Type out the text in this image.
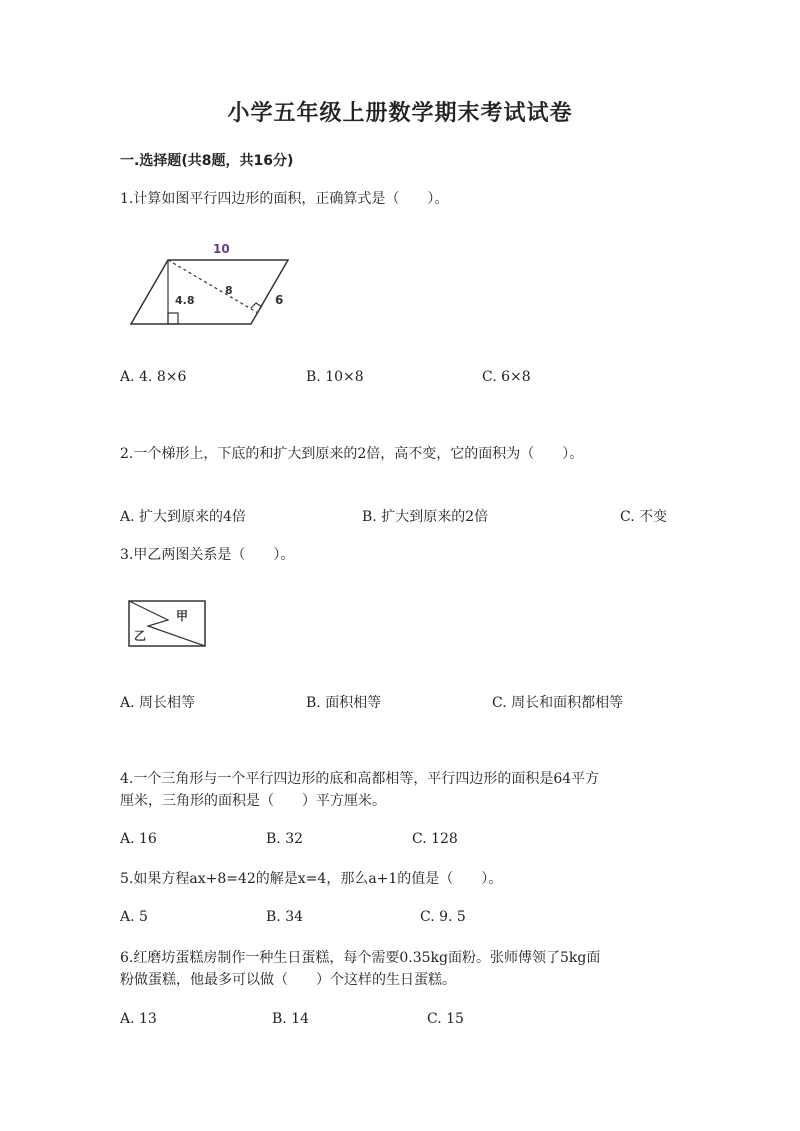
小学五年级上册数学期末考试试卷
一.选择题(共8题，共16分)
1.计算如图平行四边形的面积，正确算式是（　　）。
10
4.8
8
6
A. 4. 8×6	B. 10×8	C. 6×8
2.一个梯形上，下底的和扩大到原来的2倍，高不变，它的面积为（　　）。
A. 扩大到原来的4倍	B. 扩大到原来的2倍	C. 不变
3.甲乙两图关系是（　　）。
甲
乙
A. 周长相等	B. 面积相等	C. 周长和面积都相等
4.一个三角形与一个平行四边形的底和高都相等，平行四边形的面积是64平方
厘米，三角形的面积是（　　）平方厘米。
A. 16	B. 32	C. 128
5.如果方程ax+8=42的解是x=4，那么a+1的值是（　　）。
A. 5	B. 34	C. 9. 5
6.红磨坊蛋糕房制作一种生日蛋糕，每个需要0.35kg面粉。张师傅领了5kg面
粉做蛋糕，他最多可以做（　　）个这样的生日蛋糕。
A. 13	B. 14	C. 15
